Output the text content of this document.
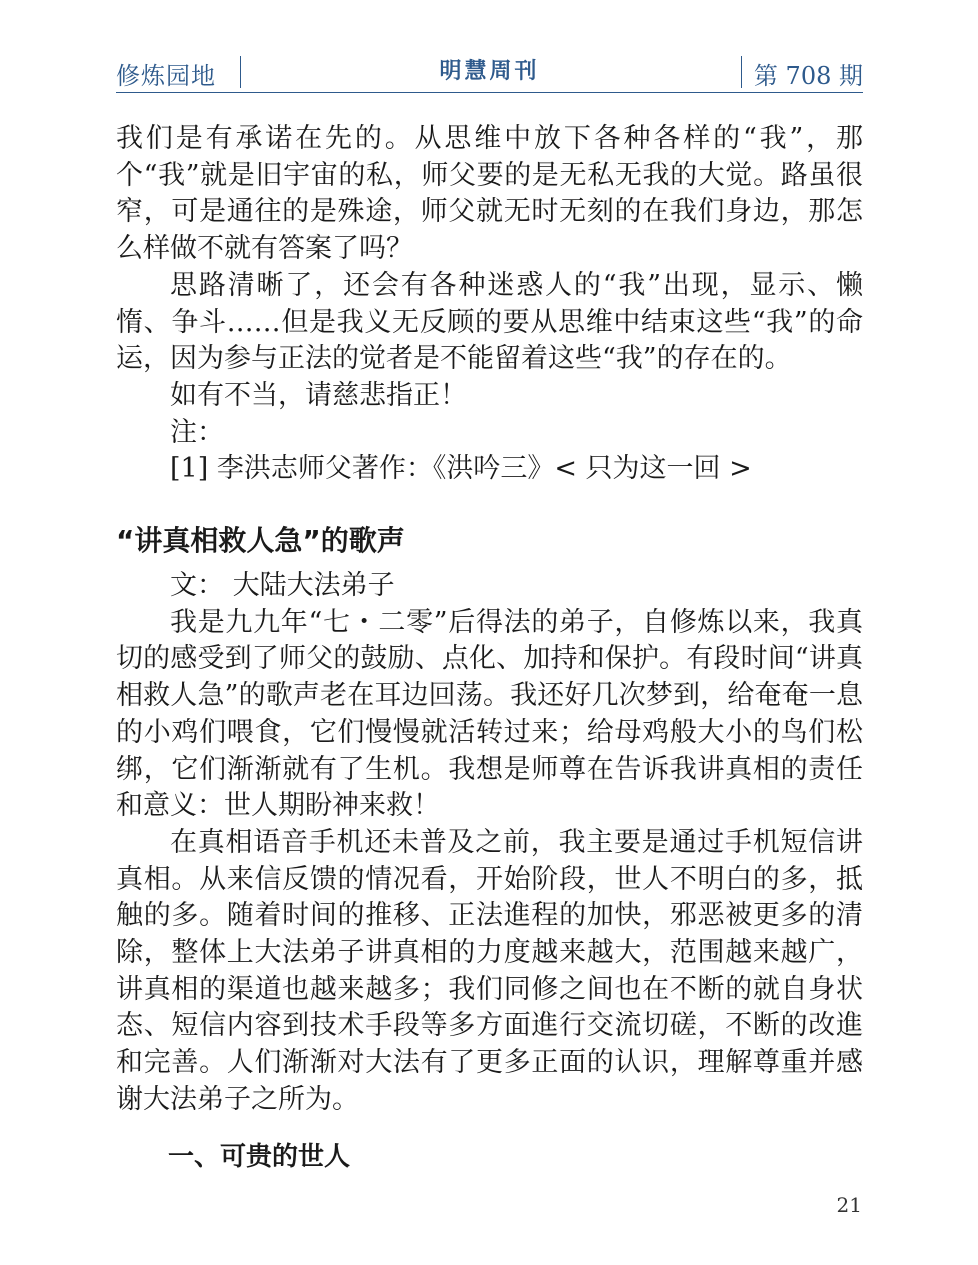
修炼园地	明慧周刊	第 708 期

我们是有承诺在先的。从思维中放下各种各样的“我”，那个“我”就是旧宇宙的私，师父要的是无私无我的大觉。路虽很窄，可是通往的是殊途，师父就无时无刻的在我们身边，那怎么样做不就有答案了吗？

思路清晰了，还会有各种迷惑人的“我”出现，显示、懒惰、争斗……但是我义无反顾的要从思维中结束这些“我”的命运，因为参与正法的觉者是不能留着这些“我”的存在的。

如有不当，请慈悲指正！

注：

[1] 李洪志师父著作：《洪吟三》< 只为这一回 >

“讲真相救人急”的歌声

文： 大陆大法弟子

我是九九年“七・二零”后得法的弟子，自修炼以来，我真切的感受到了师父的鼓励、点化、加持和保护。有段时间“讲真相救人急”的歌声老在耳边回荡。我还好几次梦到，给奄奄一息的小鸡们喂食，它们慢慢就活转过来；给母鸡般大小的鸟们松绑，它们渐渐就有了生机。我想是师尊在告诉我讲真相的责任和意义：世人期盼神来救！

在真相语音手机还未普及之前，我主要是通过手机短信讲真相。从来信反馈的情况看，开始阶段，世人不明白的多，抵触的多。随着时间的推移、正法進程的加快，邪恶被更多的清除，整体上大法弟子讲真相的力度越来越大，范围越来越广，讲真相的渠道也越来越多；我们同修之间也在不断的就自身状态、短信内容到技术手段等多方面進行交流切磋，不断的改進和完善。人们渐渐对大法有了更多正面的认识，理解尊重并感谢大法弟子之所为。

一、可贵的世人
21
